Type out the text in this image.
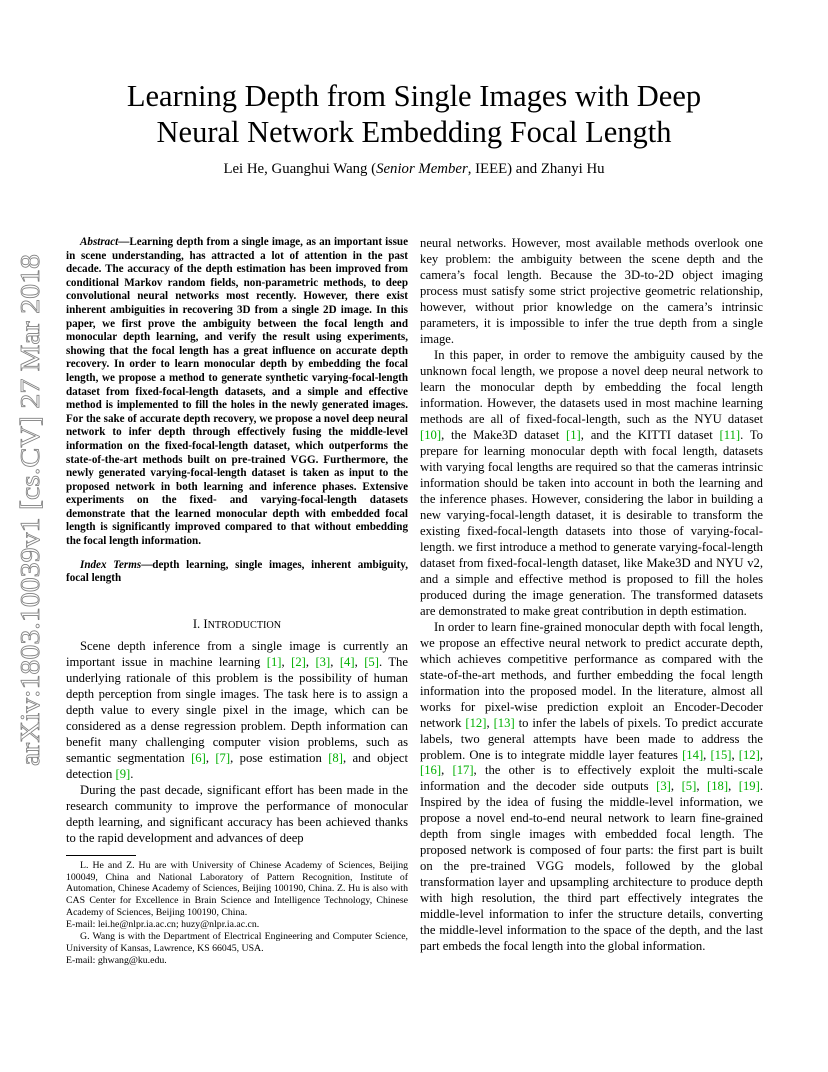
Learning Depth from Single Images with Deep
Neural Network Embedding Focal Length
Lei He, Guanghui Wang (Senior Member, IEEE) and Zhanyi Hu
arXiv:1803.10039v1 [cs.CV] 27 Mar 2018

Abstract—Learning depth from a single image, as an important issue in scene understanding, has attracted a lot of attention in the past decade. The accuracy of the depth estimation has been improved from conditional Markov random fields, non-parametric methods, to deep convolutional neural networks most recently. However, there exist inherent ambiguities in recovering 3D from a single 2D image. In this paper, we first prove the ambiguity between the focal length and monocular depth learning, and verify the result using experiments, showing that the focal length has a great influence on accurate depth recovery. In order to learn monocular depth by embedding the focal length, we propose a method to generate synthetic varying-focal-length dataset from fixed-focal-length datasets, and a simple and effective method is implemented to fill the holes in the newly generated images. For the sake of accurate depth recovery, we propose a novel deep neural network to infer depth through effectively fusing the middle-level information on the fixed-focal-length dataset, which outperforms the state-of-the-art methods built on pre-trained VGG. Furthermore, the newly generated varying-focal-length dataset is taken as input to the proposed network in both learning and inference phases. Extensive experiments on the fixed- and varying-focal-length datasets demonstrate that the learned monocular depth with embedded focal length is significantly improved compared to that without embedding the focal length information.

Index Terms—depth learning, single images, inherent ambiguity, focal length

I. INTRODUCTION

Scene depth inference from a single image is currently an important issue in machine learning [1], [2], [3], [4], [5]. The underlying rationale of this problem is the possibility of human depth perception from single images. The task here is to assign a depth value to every single pixel in the image, which can be considered as a dense regression problem. Depth information can benefit many challenging computer vision problems, such as semantic segmentation [6], [7], pose estimation [8], and object detection [9].

During the past decade, significant effort has been made in the research community to improve the performance of monocular depth learning, and significant accuracy has been achieved thanks to the rapid development and advances of deep

L. He and Z. Hu are with University of Chinese Academy of Sciences, Beijing 100049, China and National Laboratory of Pattern Recognition, Institute of Automation, Chinese Academy of Sciences, Beijing 100190, China. Z. Hu is also with CAS Center for Excellence in Brain Science and Intelligence Technology, Chinese Academy of Sciences, Beijing 100190, China.

E-mail: lei.he@nlpr.ia.ac.cn; huzy@nlpr.ia.ac.cn.

G. Wang is with the Department of Electrical Engineering and Computer Science, University of Kansas, Lawrence, KS 66045, USA.

E-mail: ghwang@ku.edu.

neural networks. However, most available methods overlook one key problem: the ambiguity between the scene depth and the camera’s focal length. Because the 3D-to-2D object imaging process must satisfy some strict projective geometric relationship, however, without prior knowledge on the camera’s intrinsic parameters, it is impossible to infer the true depth from a single image.

In this paper, in order to remove the ambiguity caused by the unknown focal length, we propose a novel deep neural network to learn the monocular depth by embedding the focal length information. However, the datasets used in most machine learning methods are all of fixed-focal-length, such as the NYU dataset [10], the Make3D dataset [1], and the KITTI dataset [11]. To prepare for learning monocular depth with focal length, datasets with varying focal lengths are required so that the cameras intrinsic information should be taken into account in both the learning and the inference phases. However, considering the labor in building a new varying-focal-length dataset, it is desirable to transform the existing fixed-focal-length datasets into those of varying-focal-length. we first introduce a method to generate varying-focal-length dataset from fixed-focal-length dataset, like Make3D and NYU v2, and a simple and effective method is proposed to fill the holes produced during the image generation. The transformed datasets are demonstrated to make great contribution in depth estimation.

In order to learn fine-grained monocular depth with focal length, we propose an effective neural network to predict accurate depth, which achieves competitive performance as compared with the state-of-the-art methods, and further embedding the focal length information into the proposed model. In the literature, almost all works for pixel-wise prediction exploit an Encoder-Decoder network [12], [13] to infer the labels of pixels. To predict accurate labels, two general attempts have been made to address the problem. One is to integrate middle layer features [14], [15], [12], [16], [17], the other is to effectively exploit the multi-scale information and the decoder side outputs [3], [5], [18], [19]. Inspired by the idea of fusing the middle-level information, we propose a novel end-to-end neural network to learn fine-grained depth from single images with embedded focal length. The proposed network is composed of four parts: the first part is built on the pre-trained VGG models, followed by the global transformation layer and upsampling architecture to produce depth with high resolution, the third part effectively integrates the middle-level information to infer the structure details, converting the middle-level information to the space of the depth, and the last part embeds the focal length into the global information.
